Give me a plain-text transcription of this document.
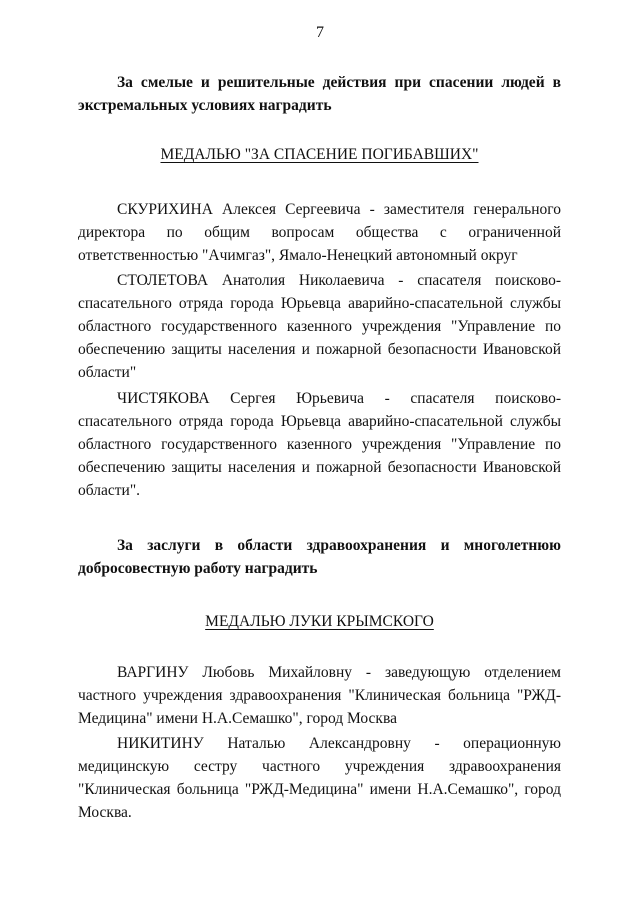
7

За смелые и решительные действия при спасении людей в экстремальных условиях наградить

МЕДАЛЬЮ "ЗА СПАСЕНИЕ ПОГИБАВШИХ"

СКУРИХИНА Алексея Сергеевича - заместителя генерального директора по общим вопросам общества с ограниченной ответственностью "Ачимгаз", Ямало-Ненецкий автономный округ

СТОЛЕТОВА Анатолия Николаевича - спасателя поисково-спасательного отряда города Юрьевца аварийно-спасательной службы областного государственного казенного учреждения "Управление по обеспечению защиты населения и пожарной безопасности Ивановской области"

ЧИСТЯКОВА Сергея Юрьевича - спасателя поисково-спасательного отряда города Юрьевца аварийно-спасательной службы областного государственного казенного учреждения "Управление по обеспечению защиты населения и пожарной безопасности Ивановской области".

За заслуги в области здравоохранения и многолетнюю добросовестную работу наградить

МЕДАЛЬЮ ЛУКИ КРЫМСКОГО

ВАРГИНУ Любовь Михайловну - заведующую отделением частного учреждения здравоохранения "Клиническая больница "РЖД-Медицина" имени Н.А.Семашко", город Москва

НИКИТИНУ Наталью Александровну - операционную медицинскую сестру частного учреждения здравоохранения "Клиническая больница "РЖД-Медицина" имени Н.А.Семашко", город Москва.
